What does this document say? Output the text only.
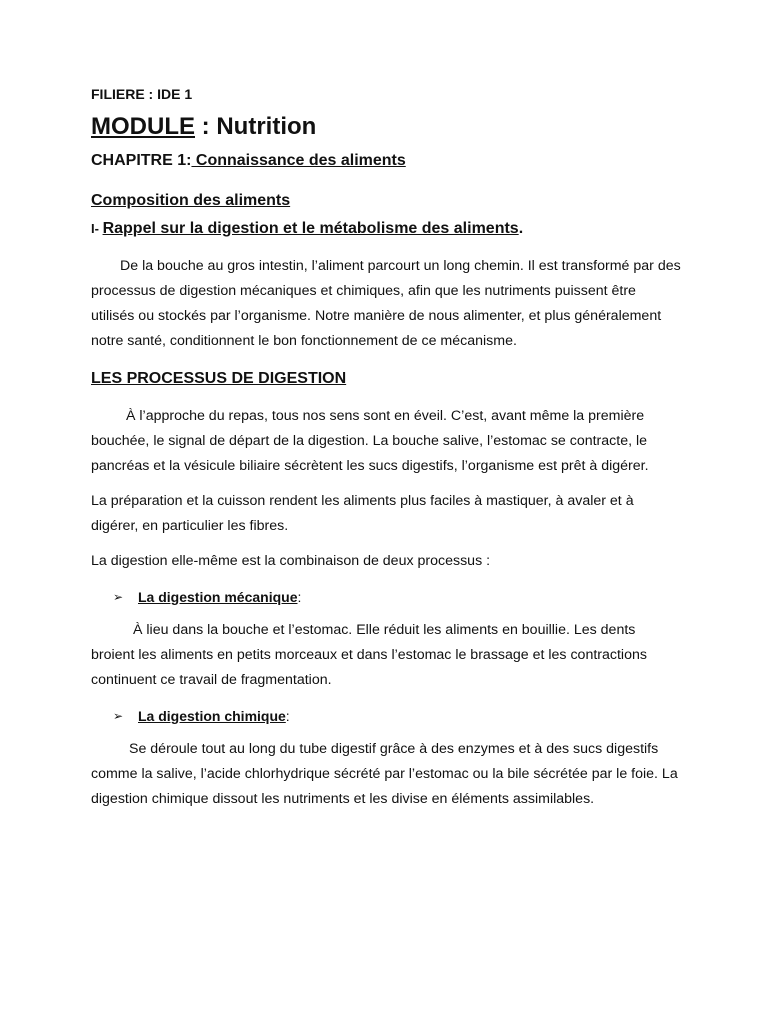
FILIERE : IDE 1

MODULE : Nutrition
CHAPITRE 1: Connaissance des aliments
Composition des aliments
I- Rappel sur la digestion et le métabolisme des aliments.

De la bouche au gros intestin, l’aliment parcourt un long chemin. Il est transformé par des processus de digestion mécaniques et chimiques, afin que les nutriments puissent être utilisés ou stockés par l’organisme. Notre manière de nous alimenter, et plus généralement notre santé, conditionnent le bon fonctionnement de ce mécanisme.

LES PROCESSUS DE DIGESTION

À l’approche du repas, tous nos sens sont en éveil. C’est, avant même la première bouchée, le signal de départ de la digestion. La bouche salive, l’estomac se contracte, le pancréas et la vésicule biliaire sécrètent les sucs digestifs, l’organisme est prêt à digérer.

La préparation et la cuisson rendent les aliments plus faciles à mastiquer, à avaler et à digérer, en particulier les fibres.

La digestion elle-même est la combinaison de deux processus :

➢	La digestion mécanique :

À lieu dans la bouche et l’estomac. Elle réduit les aliments en bouillie. Les dents broient les aliments en petits morceaux et dans l’estomac le brassage et les contractions continuent ce travail de fragmentation.

➢	La digestion chimique :

Se déroule tout au long du tube digestif grâce à des enzymes et à des sucs digestifs comme la salive, l’acide chlorhydrique sécrété par l’estomac ou la bile sécrétée par le foie. La digestion chimique dissout les nutriments et les divise en éléments assimilables.
